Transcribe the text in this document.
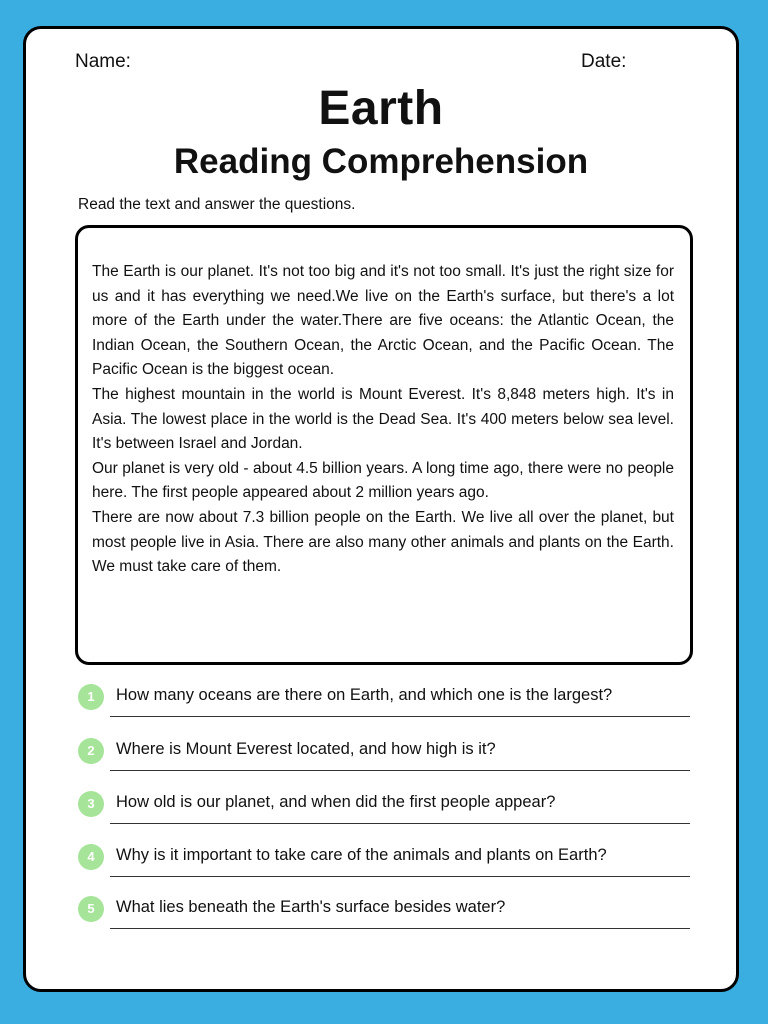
Name:	Date:
Earth
Reading Comprehension
Read the text and answer the questions.

The Earth is our planet. It's not too big and it's not too small. It's just the right size for us and it has everything we need.We live on the Earth's surface, but there's a lot more of the Earth under the water.There are five oceans: the Atlantic Ocean, the Indian Ocean, the Southern Ocean, the Arctic Ocean, and the Pacific Ocean. The Pacific Ocean is the biggest ocean.

The highest mountain in the world is Mount Everest. It's 8,848 meters high. It's in Asia. The lowest place in the world is the Dead Sea. It's 400 meters below sea level. It's between Israel and Jordan.

Our planet is very old - about 4.5 billion years. A long time ago, there were no people here. The first people appeared about 2 million years ago.

There are now about 7.3 billion people on the Earth. We live all over the planet, but most people live in Asia. There are also many other animals and plants on the Earth. We must take care of them.

1	How many oceans are there on Earth, and which one is the largest?
2	Where is Mount Everest located, and how high is it?
3	How old is our planet, and when did the first people appear?
4	Why is it important to take care of the animals and plants on Earth?
5	What lies beneath the Earth's surface besides water?
